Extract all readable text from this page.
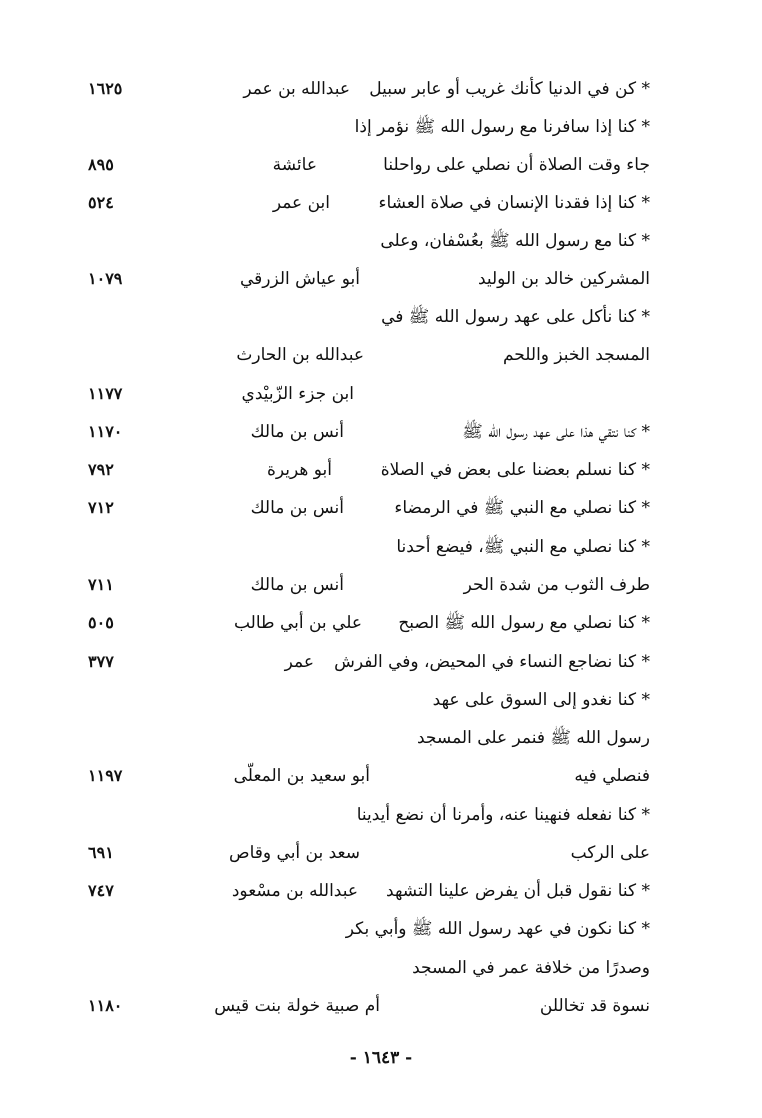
* كن في الدنيا كأنك غريب أو عابر سبيل
عبدالله بن عمر
١٦٢٥
* كنا إذا سافرنا مع رسول الله ﷺ نؤمر إذا
جاء وقت الصلاة أن نصلي على رواحلنا
عائشة
٨٩٥
* كنا إذا فقدنا الإنسان في صلاة العشاء
ابن عمر
٥٢٤
* كنا مع رسول الله ﷺ بعُسْفان، وعلى
المشركين خالد بن الوليد
أبو عياش الزرقي
١٠٧٩
* كنا نأكل على عهد رسول الله ﷺ في
المسجد الخبز واللحم
عبدالله بن الحارث
ابن جزء الزّبيْدي
١١٧٧
* كنا نتقي هذا على عهد رسول الله ﷺ
أنس بن مالك
١١٧٠
* كنا نسلم بعضنا على بعض في الصلاة
أبو هريرة
٧٩٢
* كنا نصلي مع النبي ﷺ في الرمضاء
أنس بن مالك
٧١٢
* كنا نصلي مع النبي ﷺ، فيضع أحدنا
طرف الثوب من شدة الحر
أنس بن مالك
٧١١
* كنا نصلي مع رسول الله ﷺ الصبح
علي بن أبي طالب
٥٠٥
* كنا نضاجع النساء في المحيض، وفي الفرش
عمر
٣٧٧
* كنا نغدو إلى السوق على عهد
رسول الله ﷺ فنمر على المسجد
فنصلي فيه
أبو سعيد بن المعلّى
١١٩٧
* كنا نفعله فنهينا عنه، وأمرنا أن نضع أيدينا
على الركب
سعد بن أبي وقاص
٦٩١
* كنا نقول قبل أن يفرض علينا التشهد
عبدالله بن مسْعود
٧٤٧
* كنا نكون في عهد رسول الله ﷺ وأبي بكر
وصدرًا من خلافة عمر في المسجد
نسوة قد تخاللن
أم صبية خولة بنت قيس
١١٨٠
- ١٦٤٣ -
